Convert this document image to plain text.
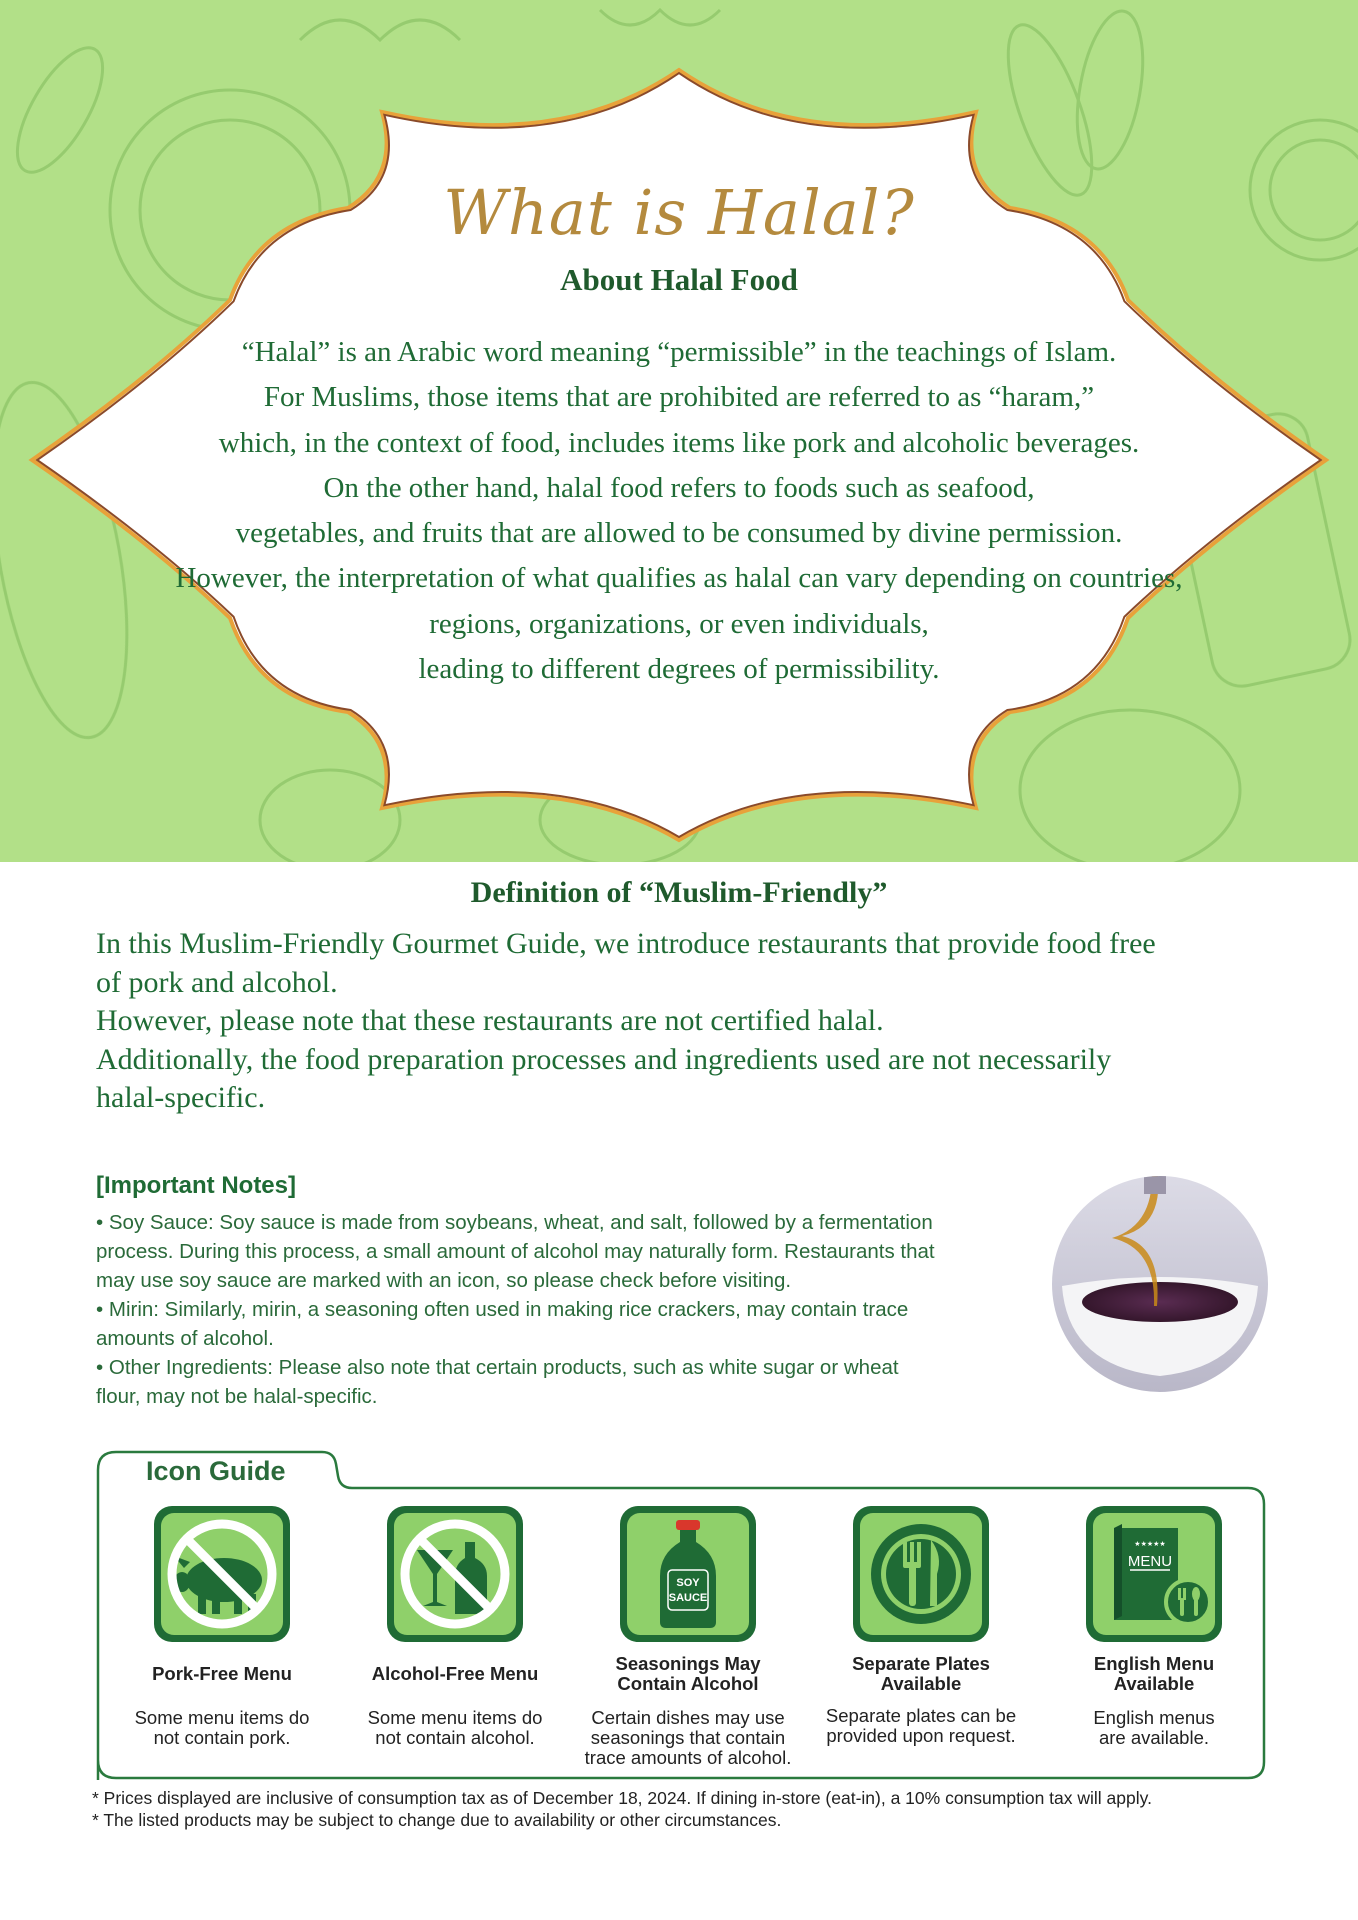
What is Halal?
About Halal Food
“Halal” is an Arabic word meaning “permissible” in the teachings of Islam.
For Muslims, those items that are prohibited are referred to as “haram,”
which, in the context of food, includes items like pork and alcoholic beverages.
On the other hand, halal food refers to foods such as seafood,
vegetables, and fruits that are allowed to be consumed by divine permission.
However, the interpretation of what qualifies as halal can vary depending on countries,
regions, organizations, or even individuals,
leading to different degrees of permissibility.
Definition of “Muslim-Friendly”
In this Muslim-Friendly Gourmet Guide, we introduce restaurants that provide food free
of pork and alcohol.
However, please note that these restaurants are not certified halal.
Additionally, the food preparation processes and ingredients used are not necessarily
halal-specific.
[Important Notes]
• Soy Sauce: Soy sauce is made from soybeans, wheat, and salt, followed by a fermentation
process. During this process, a small amount of alcohol may naturally form. Restaurants that
may use soy sauce are marked with an icon, so please check before visiting.
• Mirin: Similarly, mirin, a seasoning often used in making rice crackers, may contain trace
amounts of alcohol.
• Other Ingredients: Please also note that certain products, such as white sugar or wheat
flour, may not be halal-specific.
Icon Guide
Pork-Free Menu
Some menu items do
not contain pork.
Alcohol-Free Menu
Some menu items do
not contain alcohol.
SOY
SAUCE
Seasonings May
Contain Alcohol
Certain dishes may use
seasonings that contain
trace amounts of alcohol.
Separate Plates
Available
Separate plates can be
provided upon request.
★★★★★
MENU
English Menu
Available
English menus
are available.
* Prices displayed are inclusive of consumption tax as of December 18, 2024. If dining in-store (eat-in), a 10% consumption tax will apply.
* The listed products may be subject to change due to availability or other circumstances.
